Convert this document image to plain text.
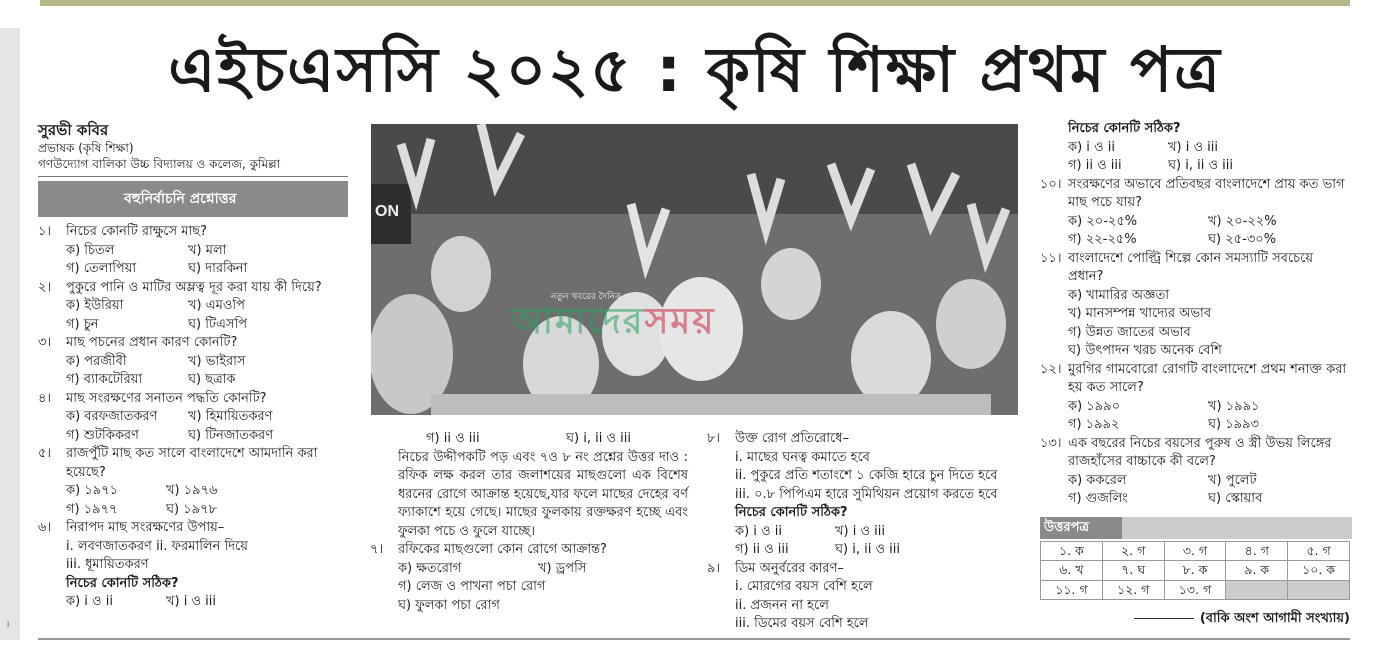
।
এইচএসসি ২০২৫ : কৃষি শিক্ষা প্রথম পত্র
সুরভী কবির
প্রভাষক (কৃষি শিক্ষা)
গণউদ্যোগ বালিকা উচ্চ বিদ্যালয় ও কলেজ, কুমিল্লা
বহুনির্বাচনি প্রশ্নোত্তর
১।	নিচের কোনটি রাক্ষুসে মাছ?
ক) চিতল	খ) মলা
গ) তেলাপিয়া	ঘ) দারকিনা
২।	পুকুরে পানি ও মাটির অম্লত্ব দূর করা যায় কী দিয়ে?
ক) ইউরিয়া	খ) এমওপি
গ) চুন	ঘ) টিএসপি
৩।	মাছ পচনের প্রধান কারণ কোনটি?
ক) পরজীবী	খ) ভাইরাস
গ) ব্যাকটেরিয়া	ঘ) ছত্রাক
৪।	মাছ সংরক্ষণের সনাতন পদ্ধতি কোনটি?
ক) বরফজাতকরণ	খ) হিমায়িতকরণ
গ) শুটকিকরণ	ঘ) টিনজাতকরণ
৫।	রাজপুঁটি মাছ কত সালে বাংলাদেশে আমদানি করা হয়েছে?
ক) ১৯৭১	খ) ১৯৭৬
গ) ১৯৭৭	ঘ) ১৯৭৮
৬।	নিরাপদ মাছ সংরক্ষণের উপায়–
i. লবণজাতকরণ ii. ফরমালিন দিয়ে
iii. ধূমায়িতকরণ
নিচের কোনটি সঠিক?
ক) i ও ii	খ) i ও iii
ON
নতুন খবরের দৈনিক
আমাদেরসময়
গ) ii ও iii	ঘ) i, ii ও iii
নিচের উদ্দীপকটি পড় এবং ৭ও ৮ নং প্রশ্নের উত্তর দাও : রফিক লক্ষ করল তার জলাশয়ের মাছগুলো এক বিশেষ ধরনের রোগে আক্রান্ত হয়েছে,যার ফলে মাছের দেহের বর্ণ ফ্যাকাশে হয়ে গেছে। মাছের ফুলকায় রক্তক্ষরণ হচ্ছে এবং ফুলকা পচে ও ফুলে যাচ্ছে।
৭।	রফিকের মাছগুলো কোন রোগে আক্রান্ত?
ক) ক্ষতরোগ	খ) ড্রপসি
গ) লেজ ও পাখনা পচা রোগ
ঘ) ফুলকা পচা রোগ
৮।	উক্ত রোগ প্রতিরোধে–
i. মাছের ঘনত্ব কমাতে হবে
ii. পুকুরে প্রতি শতাংশে ১ কেজি হারে চুন দিতে হবে
iii. ০.৮ পিপিএম হারে সুমিথিয়ন প্রয়োগ করতে হবে
নিচের কোনটি সঠিক?
ক) i ও ii	খ) i ও iii
গ) ii ও iii	ঘ) i, ii ও iii
৯।	ডিম অনুর্বরের কারণ–
i. মোরগের বয়স বেশি হলে
ii. প্রজনন না হলে
iii. ডিমের বয়স বেশি হলে
নিচের কোনটি সঠিক?
ক) i ও ii	খ) i ও iii
গ) ii ও iii	ঘ) i, ii ও iii
১০। সংরক্ষণের অভাবে প্রতিবছর বাংলাদেশে প্রায় কত ভাগ মাছ পচে যায়?
ক) ২০-২৫%	খ) ২০-২২%
গ) ২২-২৫%	ঘ) ২৫-৩০%
১১। বাংলাদেশে পোল্ট্রি শিল্পে কোন সমস্যাটি সবচেয়ে প্রধান?
ক) খামারির অজ্ঞতা
খ) মানসম্পন্ন খাদ্যের অভাব
গ) উন্নত জাতের অভাব
ঘ) উৎপাদন খরচ অনেক বেশি
১২। মুরগির গামবোরো রোগটি বাংলাদেশে প্রথম শনাক্ত করা হয় কত সালে?
ক) ১৯৯০	খ) ১৯৯১
গ) ১৯৯২	ঘ) ১৯৯৩
১৩। এক বছরের নিচের বয়সের পুরুষ ও স্ত্রী উভয় লিঙ্গের রাজহাঁসের বাচ্চাকে কী বলে?
ক) ককরেল	খ) পুলেট
গ) গুজলিং	ঘ) স্কোয়াব
উত্তরপত্র
১. ক	২. গ	৩. গ	৪. গ	৫. গ
৬. খ	৭. ঘ	৮. ক	৯. ক	১০. ক
১১. গ	১২. গ	১৩. গ		
(বাকি অংশ আগামী সংখ্যায়)
